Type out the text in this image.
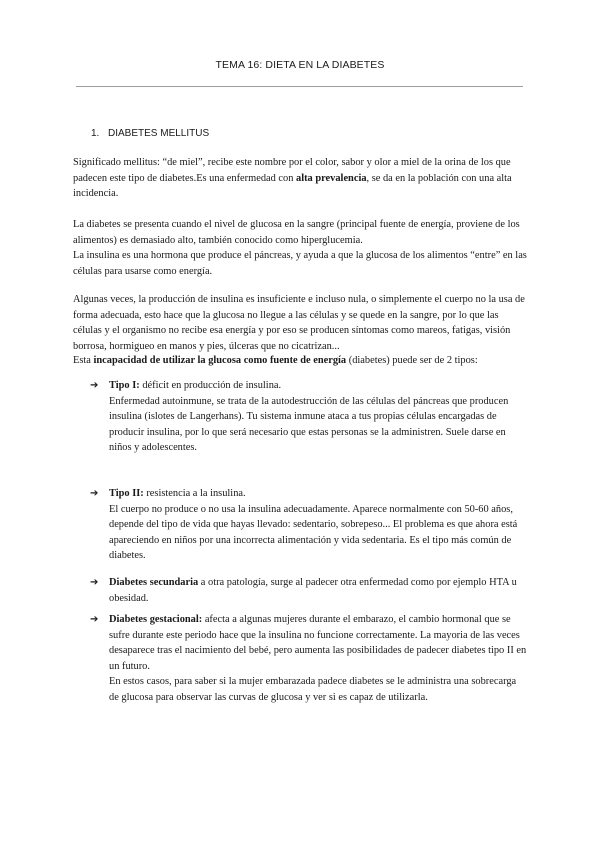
TEMA 16: DIETA EN LA DIABETES
1. DIABETES MELLITUS

Significado mellitus: “de miel”, recibe este nombre por el color, sabor y olor a miel de la orina de los que padecen este tipo de diabetes.Es una enfermedad con alta prevalencia, se da en la población con una alta incidencia.

La diabetes se presenta cuando el nivel de glucosa en la sangre (principal fuente de energía, proviene de los alimentos) es demasiado alto, también conocido como hiperglucemia.

La insulina es una hormona que produce el páncreas, y ayuda a que la glucosa de los alimentos “entre” en las células para usarse como energía.

Algunas veces, la producción de insulina es insuficiente e incluso nula, o simplemente el cuerpo no la usa de forma adecuada, esto hace que la glucosa no llegue a las células y se quede en la sangre, por lo que las células y el organismo no recibe esa energía y por eso se producen síntomas como mareos, fatigas, visión borrosa, hormigueo en manos y pies, úlceras que no cicatrizan...

Esta incapacidad de utilizar la glucosa como fuente de energía (diabetes) puede ser de 2 tipos:

➔ Tipo I: déficit en producción de insulina.

Enfermedad autoinmune, se trata de la autodestrucción de las células del páncreas que producen insulina (islotes de Langerhans). Tu sistema inmune ataca a tus propias células encargadas de producir insulina, por lo que será necesario que estas personas se la administren. Suele darse en niños y adolescentes.

➔ Tipo II: resistencia a la insulina.

El cuerpo no produce o no usa la insulina adecuadamente. Aparece normalmente con 50-60 años, depende del tipo de vida que hayas llevado: sedentario, sobrepeso... El problema es que ahora está apareciendo en niños por una incorrecta alimentación y vida sedentaria. Es el tipo más común de diabetes.

➔ Diabetes secundaria a otra patología, surge al padecer otra enfermedad como por ejemplo HTA u obesidad.

➔ Diabetes gestacional: afecta a algunas mujeres durante el embarazo, el cambio hormonal que se sufre durante este periodo hace que la insulina no funcione correctamente. La mayoria de las veces desaparece tras el nacimiento del bebé, pero aumenta las posibilidades de padecer diabetes tipo II en un futuro.

En estos casos, para saber si la mujer embarazada padece diabetes se le administra una sobrecarga de glucosa para observar las curvas de glucosa y ver si es capaz de utilizarla.
